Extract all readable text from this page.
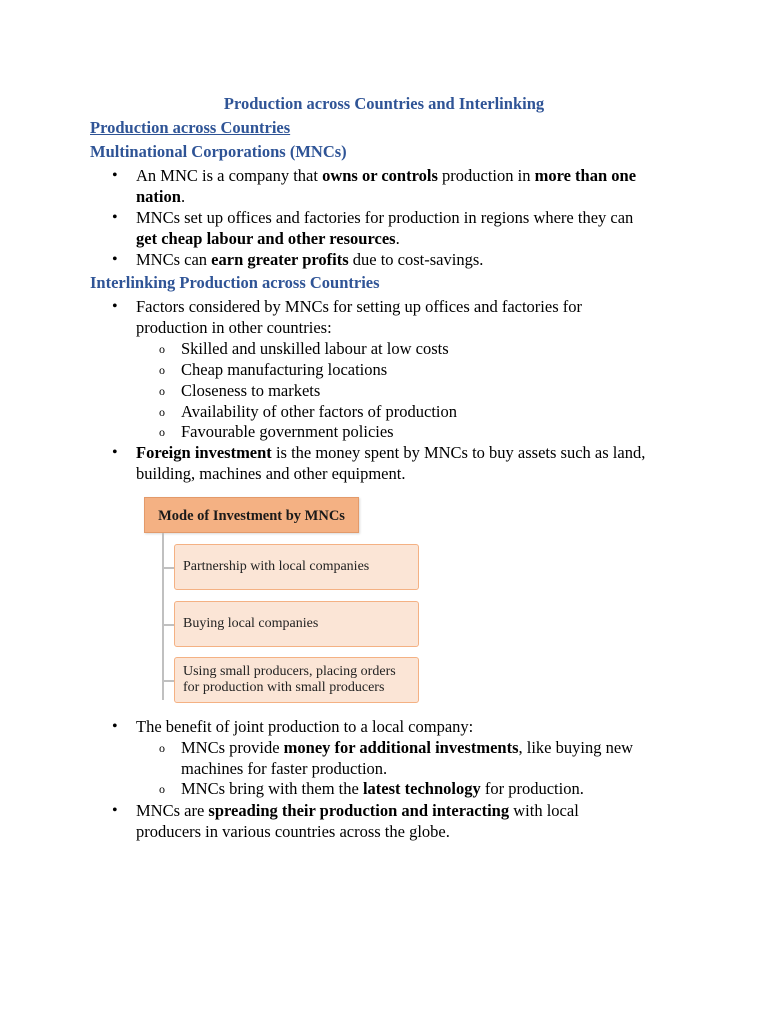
Production across Countries and Interlinking
Production across Countries
Multinational Corporations (MNCs)
• An MNC is a company that owns or controls production in more than one nation.
• MNCs set up offices and factories for production in regions where they can get cheap labour and other resources.
• MNCs can earn greater profits due to cost-savings.
Interlinking Production across Countries
• Factors considered by MNCs for setting up offices and factories for production in other countries:
o Skilled and unskilled labour at low costs
o Cheap manufacturing locations
o Closeness to markets
o Availability of other factors of production
o Favourable government policies
• Foreign investment is the money spent by MNCs to buy assets such as land, building, machines and other equipment.
Mode of Investment by MNCs
Partnership with local companies
Buying local companies
Using small producers, placing orders for production with small producers
• The benefit of joint production to a local company:
o MNCs provide money for additional investments, like buying new machines for faster production.
o MNCs bring with them the latest technology for production.
• MNCs are spreading their production and interacting with local producers in various countries across the globe.
